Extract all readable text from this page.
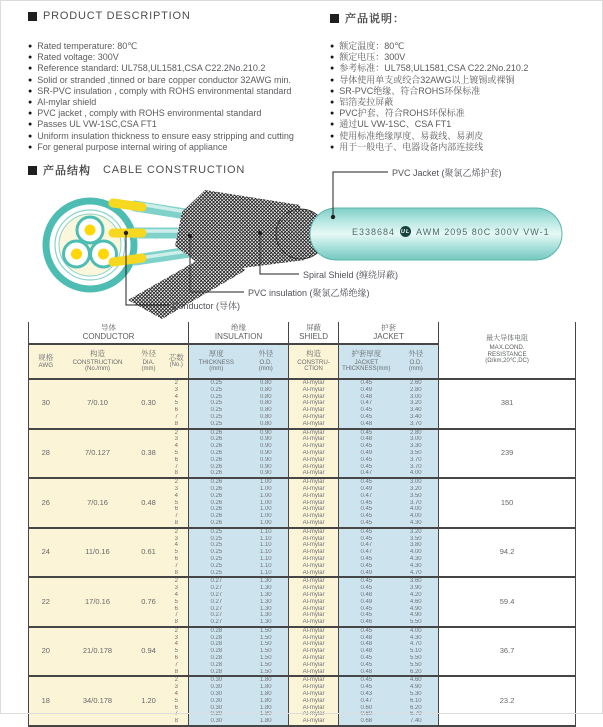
PRODUCT DESCRIPTION	产品说明：
● Rated temperature: 80℃
● Rated voltage: 300V
● Reference standard: UL758,UL1581,CSA C22.2No.210.2
● Solid or stranded ,tinned or bare copper conductor 32AWG min.
● SR-PVC insulation , comply with ROHS environmental standard
● Al-mylar shield
● PVC jacket , comply with ROHS environmental standard
● Passes UL VW-1SC,CSA FT1
● Uniform insulation thickness to ensure easy stripping and cutting
● For general purpose internal wiring of appliance
● 额定温度：80℃
● 额定电压：300V
● 参考标准：UL758,UL1581,CSA C22.2No.210.2
● 导体使用单支或绞合32AWG以上镀锡或裸铜
● SR-PVC绝缘、符合ROHS环保标准
● 铝箔麦拉屏蔽
● PVC护套、符合ROHS环保标准
● 通过UL VW-1SC、CSA FT1
● 使用标准绝缘厚度、易裁线、易剥皮
● 用于一般电子、电器设备内部连接线
产品结构 CABLE CONSTRUCTION	PVC Jacket (聚氯乙烯护套)
Spiral Shield (缠绕屏蔽)
PVC insulation (聚氯乙烯绝缘)
Conductor (导体)
E338684 UL AWM 2095 80C 300V VW-1
导体
CONDUCTOR				绝缘
INSULATION		屏蔽
SHIELD	护套
JACKET		最大导体电阻
MAX.COND.
RESISTANCE
(Ω/km,20℃,DC)

规格
AWG	构造
CONSTRUCTION
(No./mm)	外径
DIA.
(mm)	芯数
(No.)	厚度
THICKNESS
(mm)	外径
O.D.
(mm)	构造
CONSTRU-
CTION	护套厚度
JACKET
THICKNESS(mm)	外径
O.D.
(mm)	

30	7/0.10	0.30	2	0.25	0.80	Al-mylar	0.45	2.60	381
			3	0.25	0.80	Al-mylar	0.49	2.80	
			4	0.25	0.80	Al-mylar	0.48	3.00	
			5	0.25	0.80	Al-mylar	0.47	3.20	
			6	0.25	0.80	Al-mylar	0.45	3.40	
			7	0.25	0.80	Al-mylar	0.45	3.40	
			8	0.25	0.80	Al-mylar	0.48	3.70	
28	7/0.127	0.38	2	0.26	0.90	Al-mylar	0.45	2.80	239
			3	0.26	0.90	Al-mylar	0.48	3.00	
			4	0.26	0.90	Al-mylar	0.45	3.30	
			5	0.26	0.90	Al-mylar	0.49	3.50	
			6	0.26	0.90	Al-mylar	0.45	3.70	
			7	0.26	0.90	Al-mylar	0.45	3.70	
			8	0.26	0.90	Al-mylar	0.47	4.00	
26	7/0.16	0.48	2	0.26	1.00	Al-mylar	0.45	3.00	150
			3	0.26	1.00	Al-mylar	0.49	3.20	
			4	0.26	1.00	Al-mylar	0.47	3.50	
			5	0.26	1.00	Al-mylar	0.45	3.70	
			6	0.26	1.00	Al-mylar	0.45	4.00	
			7	0.26	1.00	Al-mylar	0.45	4.00	
			8	0.26	1.00	Al-mylar	0.45	4.30	
24	11/0.16	0.61	2	0.25	1.10	Al-mylar	0.45	3.20	94.2
			3	0.25	1.10	Al-mylar	0.45	3.50	
			4	0.25	1.10	Al-mylar	0.47	3.80	
			5	0.25	1.10	Al-mylar	0.47	4.00	
			6	0.25	1.10	Al-mylar	0.45	4.30	
			7	0.25	1.10	Al-mylar	0.45	4.30	
			8	0.25	1.10	Al-mylar	0.49	4.70	
22	17/0.16	0.76	2	0.27	1.30	Al-mylar	0.45	3.60	59.4
			3	0.27	1.30	Al-mylar	0.45	3.90	
			4	0.27	1.30	Al-mylar	0.48	4.20	
			5	0.27	1.30	Al-mylar	0.49	4.60	
			6	0.27	1.30	Al-mylar	0.45	4.90	
			7	0.27	1.30	Al-mylar	0.45	4.90	
			8	0.27	1.30	Al-mylar	0.46	5.50	
20	21/0.178	0.94	2	0.28	1.50	Al-mylar	0.45	4.00	36.7
			3	0.28	1.50	Al-mylar	0.48	4.30	
			4	0.28	1.50	Al-mylar	0.48	4.70	
			5	0.28	1.50	Al-mylar	0.48	5.10	
			6	0.28	1.50	Al-mylar	0.45	5.50	
			7	0.28	1.50	Al-mylar	0.45	5.50	
			8	0.28	1.50	Al-mylar	0.48	6.20	
18	34/0.178	1.20	2	0.30	1.80	Al-mylar	0.45	4.60	23.2
			3	0.30	1.80	Al-mylar	0.45	4.90	
			4	0.30	1.80	Al-mylar	0.43	5.30	
			5	0.30	1.80	Al-mylar	0.47	6.10	
			6	0.30	1.80	Al-mylar	0.60	6.20	
			7	0.30	1.80	Al-mylar	0.60	6.70	
			8	0.30	1.80	Al-mylar	0.68	7.40	
